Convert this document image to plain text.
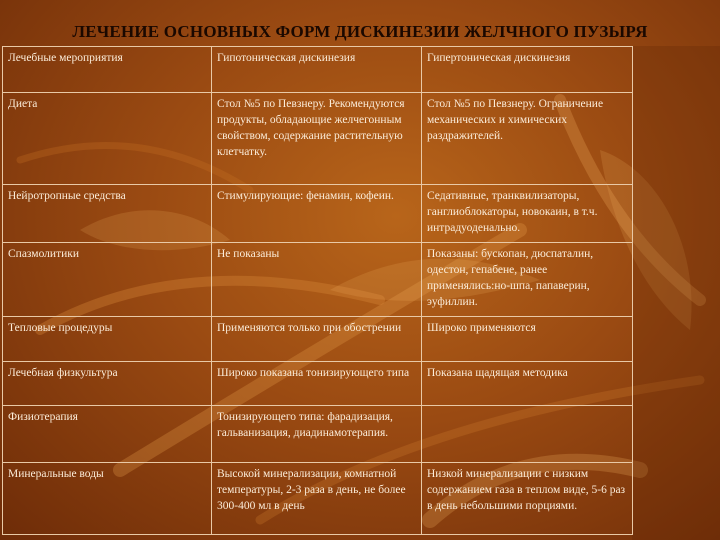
ЛЕЧЕНИЕ ОСНОВНЫХ ФОРМ ДИСКИНЕЗИИ ЖЕЛЧНОГО ПУЗЫРЯ
Лечебные мероприятия	Гипотоническая дискинезия	Гипертоническая дискинезия
Диета	Стол №5 по Певзнеру. Рекомендуются продукты, обладающие желчегонным свойством, содержание растительную клетчатку.	Стол №5 по Певзнеру. Ограничение механических и химических раздражителей.
Нейротропные средства	Стимулирующие: фенамин, кофеин.	Седативные, транквилизаторы, ганглиоблокаторы, новокаин, в т.ч. интрадуоденально.
Спазмолитики	Не показаны	Показаны: бускопан, дюспаталин, одестон, гепабене, ранее применялись:но-шпа, папаверин, эуфиллин.
Тепловые процедуры	Применяются только при обострении	Широко применяются
Лечебная физкультура	Широко показана тонизирующего типа	Показана щадящая методика
Физиотерапия	Тонизирующего типа: фарадизация, гальванизация, диадинамотерапия.	
Минеральные воды	Высокой минерализации, комнатной температуры, 2-3 раза в день, не более 300-400 мл в день	Низкой минерализации с низким содержанием газа в теплом виде, 5-6 раз в день небольшими порциями.
